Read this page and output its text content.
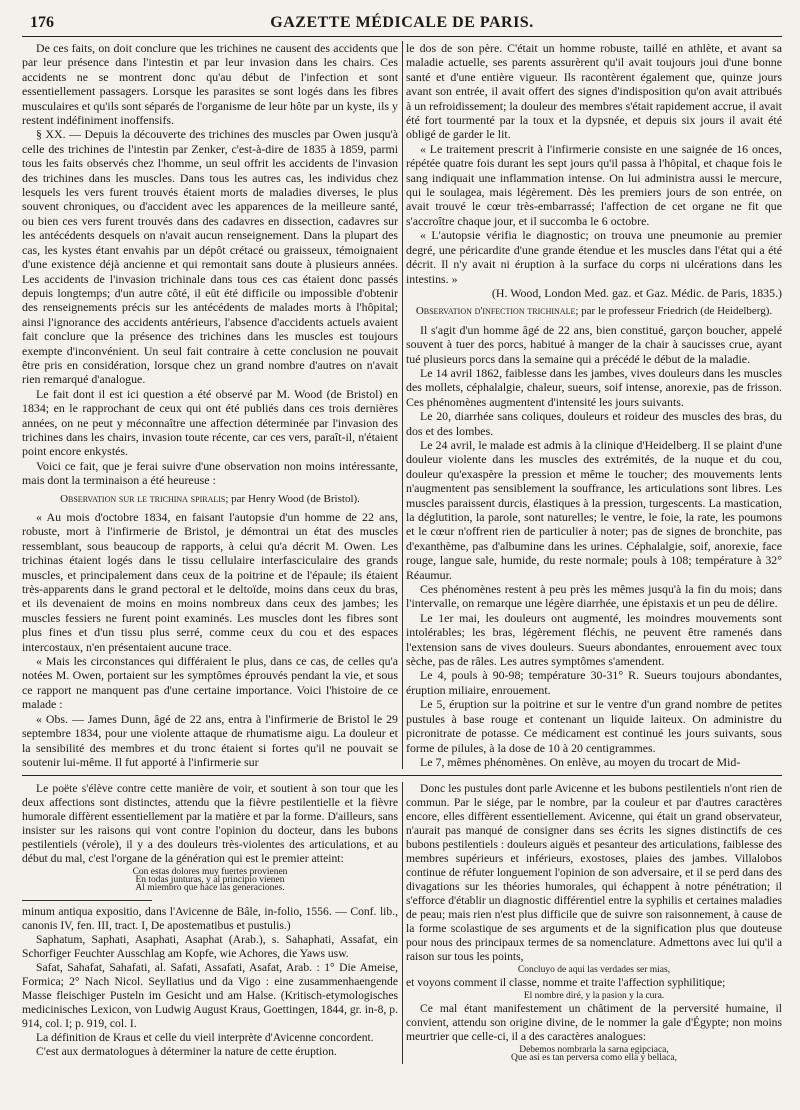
176	GAZETTE MÉDICALE DE PARIS.

De ces faits, on doit conclure que les trichines ne causent des accidents que par leur présence dans l'intestin et par leur invasion dans les chairs. Ces accidents ne se montrent donc qu'au début de l'infection et sont essentiellement passagers. Lorsque les parasites se sont logés dans les fibres musculaires et qu'ils sont séparés de l'organisme de leur hôte par un kyste, ils y restent indéfiniment inoffensifs.

§ XX. — Depuis la découverte des trichines des muscles par Owen jusqu'à celle des trichines de l'intestin par Zenker, c'est-à-dire de 1835 à 1859, parmi tous les faits observés chez l'homme, un seul offrit les accidents de l'invasion des trichines dans les muscles. Dans tous les autres cas, les individus chez lesquels les vers furent trouvés étaient morts de maladies diverses, le plus souvent chroniques, ou d'accident avec les apparences de la meilleure santé, ou bien ces vers furent trouvés dans des cadavres en dissection, cadavres sur les antécédents desquels on n'avait aucun renseignement. Dans la plupart des cas, les kystes étant envahis par un dépôt crétacé ou graisseux, témoignaient d'une existence déjà ancienne et qui remontait sans doute à plusieurs années. Les accidents de l'invasion trichinale dans tous ces cas étaient donc passés depuis longtemps; d'un autre côté, il eût été difficile ou impossible d'obtenir des renseignements précis sur les antécédents de malades morts à l'hôpital; ainsi l'ignorance des accidents antérieurs, l'absence d'accidents actuels avaient fait conclure que la présence des trichines dans les muscles est toujours exempte d'inconvénient. Un seul fait contraire à cette conclusion ne pouvait être pris en considération, lorsque chez un grand nombre d'autres on n'avait rien remarqué d'analogue.

Le fait dont il est ici question a été observé par M. Wood (de Bristol) en 1834; en le rapprochant de ceux qui ont été publiés dans ces trois dernières années, on ne peut y méconnaître une affection déterminée par l'invasion des trichines dans les chairs, invasion toute récente, car ces vers, paraît-il, n'étaient point encore enkystés.

Voici ce fait, que je ferai suivre d'une observation non moins intéressante, mais dont la terminaison a été heureuse :

Observation sur le trichina spiralis; par Henry Wood (de Bristol).

« Au mois d'octobre 1834, en faisant l'autopsie d'un homme de 22 ans, robuste, mort à l'infirmerie de Bristol, je démontrai un état des muscles ressemblant, sous beaucoup de rapports, à celui qu'a décrit M. Owen. Les trichinas étaient logés dans le tissu cellulaire interfasciculaire des grands muscles, et principalement dans ceux de la poitrine et de l'épaule; ils étaient très-apparents dans le grand pectoral et le deltoïde, moins dans ceux du bras, et ils devenaient de moins en moins nombreux dans ceux des jambes; les muscles fessiers ne furent point examinés. Les muscles dont les fibres sont plus fines et d'un tissu plus serré, comme ceux du cou et des espaces intercostaux, n'en présentaient aucune trace.

« Mais les circonstances qui différaient le plus, dans ce cas, de celles qu'a notées M. Owen, portaient sur les symptômes éprouvés pendant la vie, et sous ce rapport ne manquent pas d'une certaine importance. Voici l'histoire de ce malade :

« Obs. — James Dunn, âgé de 22 ans, entra à l'infirmerie de Bristol le 29 septembre 1834, pour une violente attaque de rhumatisme aigu. La douleur et la sensibilité des membres et du tronc étaient si fortes qu'il ne pouvait se soutenir lui-même. Il fut apporté à l'infirmerie sur

le dos de son père. C'était un homme robuste, taillé en athlète, et avant sa maladie actuelle, ses parents assurèrent qu'il avait toujours joui d'une bonne santé et d'une entière vigueur. Ils racontèrent également que, quinze jours avant son entrée, il avait offert des signes d'indisposition qu'on avait attribués à un refroidissement; la douleur des membres s'était rapidement accrue, il avait été fort tourmenté par la toux et la dypsnée, et depuis six jours il avait été obligé de garder le lit.

« Le traitement prescrit à l'infirmerie consiste en une saignée de 16 onces, répétée quatre fois durant les sept jours qu'il passa à l'hôpital, et chaque fois le sang indiquait une inflammation intense. On lui administra aussi le mercure, qui le soulagea, mais légèrement. Dès les premiers jours de son entrée, on avait trouvé le cœur très-embarrassé; l'affection de cet organe ne fit que s'accroître chaque jour, et il succomba le 6 octobre.

« L'autopsie vérifia le diagnostic; on trouva une pneumonie au premier degré, une péricardite d'une grande étendue et les muscles dans l'état qui a été décrit. Il n'y avait ni éruption à la surface du corps ni ulcérations dans les intestins. »

(H. Wood, London Med. gaz. et Gaz. Médic. de Paris, 1835.)

Observation d'infection trichinale; par le professeur Friedrich (de Heidelberg).

Il s'agit d'un homme âgé de 22 ans, bien constitué, garçon boucher, appelé souvent à tuer des porcs, habitué à manger de la chair à saucisses crue, ayant tué plusieurs porcs dans la semaine qui a précédé le début de la maladie.

Le 14 avril 1862, faiblesse dans les jambes, vives douleurs dans les muscles des mollets, céphalalgie, chaleur, sueurs, soif intense, anorexie, pas de frisson. Ces phénomènes augmentent d'intensité les jours suivants.

Le 20, diarrhée sans coliques, douleurs et roideur des muscles des bras, du dos et des lombes.

Le 24 avril, le malade est admis à la clinique d'Heidelberg. Il se plaint d'une douleur violente dans les muscles des extrémités, de la nuque et du cou, douleur qu'exaspère la pression et même le toucher; des mouvements lents n'augmentent pas sensiblement la souffrance, les articulations sont libres. Les muscles paraissent durcis, élastiques à la pression, turgescents. La mastication, la déglutition, la parole, sont naturelles; le ventre, le foie, la rate, les poumons et le cœur n'offrent rien de particulier à noter; pas de signes de bronchite, pas d'exanthème, pas d'albumine dans les urines. Céphalalgie, soif, anorexie, face rouge, langue sale, humide, du reste normale; pouls à 108; température à 32° Réaumur.

Ces phénomènes restent à peu près les mêmes jusqu'à la fin du mois; dans l'intervalle, on remarque une légère diarrhée, une épistaxis et un peu de délire.

Le 1er mai, les douleurs ont augmenté, les moindres mouvements sont intolérables; les bras, légèrement fléchis, ne peuvent être ramenés dans l'extension sans de vives douleurs. Sueurs abondantes, enrouement avec toux sèche, pas de râles. Les autres symptômes s'amendent.

Le 4, pouls à 90-98; température 30-31° R. Sueurs toujours abondantes, éruption miliaire, enrouement.

Le 5, éruption sur la poitrine et sur le ventre d'un grand nombre de petites pustules à base rouge et contenant un liquide laiteux. On administre du picronitrate de potasse. Ce médicament est continué les jours suivants, sous forme de pilules, à la dose de 10 à 20 centigrammes.

Le 7, mêmes phénomènes. On enlève, au moyen du trocart de Mid-

Le poëte s'élève contre cette manière de voir, et soutient à son tour que les deux affections sont distinctes, attendu que la fièvre pestilentielle et la fièvre humorale diffèrent essentiellement par la matière et par la forme. D'ailleurs, sans insister sur les raisons qui vont contre l'opinion du docteur, dans les bubons pestilentiels (vérole), il y a des douleurs très-violentes des articulations, et au début du mal, c'est l'organe de la génération qui est le premier atteint:

Con estas dolores muy fuertes provienen

En todas junturas, y al principio vienen

Al miembro que hace las generaciones.

minum antiqua expositio, dans l'Avicenne de Bâle, in-folio, 1556. — Conf. lib., canonis IV, fen. III, tract. I, De apostematibus et pustulis.)

Saphatum, Saphati, Asaphati, Asaphat (Arab.), s. Sahaphati, Assafat, ein Schorfiger Feuchter Ausschlag am Kopfe, wie Achores, die Yaws usw.

Safat, Sahafat, Sahafati, al. Safati, Assafati, Asafat, Arab. : 1° Die Ameise, Formica; 2° Nach Nicol. Seyllatius und da Vigo : eine zusammenhaengende Masse fleischiger Pusteln im Gesicht und am Halse. (Kritisch-etymologisches medicinisches Lexicon, von Ludwig August Kraus, Goettingen, 1844, gr. in-8, p. 914, col. I; p. 919, col. I.

La définition de Kraus et celle du vieil interprète d'Avicenne concordent.

C'est aux dermatologues à déterminer la nature de cette éruption.

Donc les pustules dont parle Avicenne et les bubons pestilentiels n'ont rien de commun. Par le siége, par le nombre, par la couleur et par d'autres caractères encore, elles diffèrent essentiellement. Avicenne, qui était un grand observateur, n'aurait pas manqué de consigner dans ses écrits les signes distinctifs de ces bubons pestilentiels : douleurs aiguës et pesanteur des articulations, faiblesse des membres supérieurs et inférieurs, exostoses, plaies des jambes. Villalobos continue de réfuter longuement l'opinion de son adversaire, et il se perd dans des divagations sur les théories humorales, qui échappent à notre pénétration; il s'efforce d'établir un diagnostic différentiel entre la syphilis et certaines maladies de peau; mais rien n'est plus difficile que de suivre son raisonnement, à cause de la forme scolastique de ses arguments et de la signification plus que douteuse pour nous des principaux termes de sa nomenclature. Admettons avec lui qu'il a raison sur tous les points,

Concluyo de aqui las verdades ser mias,

et voyons comment il classe, nomme et traite l'affection syphilitique;

El nombre diré, y la pasion y la cura.

Ce mal étant manifestement un châtiment de la perversité humaine, il convient, attendu son origine divine, de le nommer la gale d'Égypte; non moins meurtrier que celle-ci, il a des caractères analogues:

Debemos nombrarla la sarna egipciaca,

Que asi es tan perversa como ella y bellaca,
